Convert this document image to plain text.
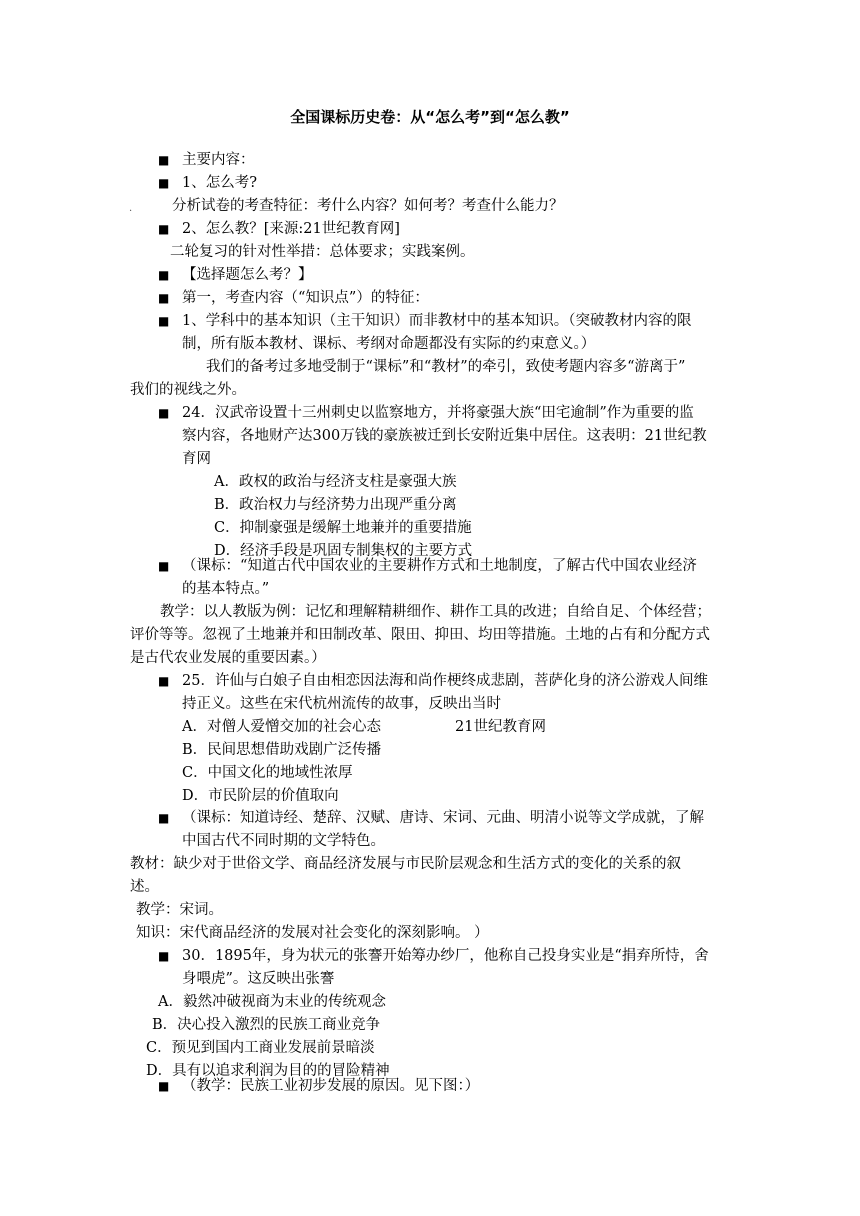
全国课标历史卷：从“怎么考”到“怎么教”
■
■
.
■
■
■
■
■
■
■
■
■
■
主要内容：
1、怎么考?
分析试卷的考查特征：考什么内容？如何考？考查什么能力？
2、怎么教？[来源:21世纪教育网]
二轮复习的针对性举措：总体要求；实践案例。
【选择题怎么考？】
第一，考查内容（“知识点”）的特征：
1、学科中的基本知识（主干知识）而非教材中的基本知识。（突破教材内容的限
制，所有版本教材、课标、考纲对命题都没有实际的约束意义。）
我们的备考过多地受制于“课标”和“教材”的牵引，致使考题内容多“游离于”
我们的视线之外。
24．汉武帝设置十三州刺史以监察地方，并将豪强大族“田宅逾制”作为重要的监
察内容，各地财产达300万钱的豪族被迁到长安附近集中居住。这表明：21世纪教
育网
A．政权的政治与经济支柱是豪强大族
B．政治权力与经济势力出现严重分离
C．抑制豪强是缓解土地兼并的重要措施
D．经济手段是巩固专制集权的主要方式
（课标：“知道古代中国农业的主要耕作方式和土地制度，了解古代中国农业经济
的基本特点。”
教学：以人教版为例：记忆和理解精耕细作、耕作工具的改进；自给自足、个体经营；
评价等等。忽视了土地兼并和田制改革、限田、抑田、均田等措施。土地的占有和分配方式
是古代农业发展的重要因素。）
25．许仙与白娘子自由相恋因法海和尚作梗终成悲剧，菩萨化身的济公游戏人间维
持正义。这些在宋代杭州流传的故事，反映出当时
A．对僧人爱憎交加的社会心态	21世纪教育网
B．民间思想借助戏剧广泛传播
C．中国文化的地域性浓厚
D．市民阶层的价值取向
（课标：知道诗经、楚辞、汉赋、唐诗、宋词、元曲、明清小说等文学成就，了解
中国古代不同时期的文学特色。
教材：缺少对于世俗文学、商品经济发展与市民阶层观念和生活方式的变化的关系的叙
述。
教学：宋词。
知识：宋代商品经济的发展对社会变化的深刻影响。 ）
30．1895年，身为状元的张謇开始筹办纱厂，他称自己投身实业是“捐弃所恃，舍
身喂虎”。这反映出张謇
A．毅然冲破视商为末业的传统观念
B．决心投入激烈的民族工商业竞争
C．预见到国内工商业发展前景暗淡
D．具有以追求利润为目的的冒险精神
（教学：民族工业初步发展的原因。见下图：）
